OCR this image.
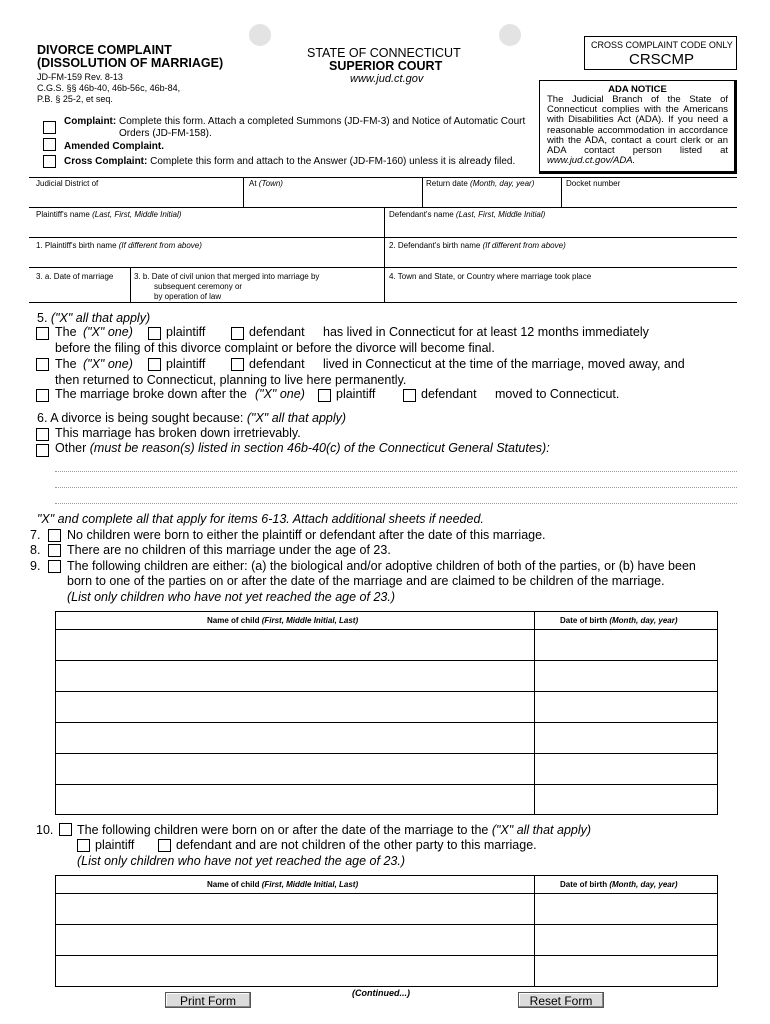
DIVORCE COMPLAINT
(DISSOLUTION OF MARRIAGE)
JD-FM-159 Rev. 8-13
C.G.S. §§ 46b-40, 46b-56c, 46b-84,
P.B. § 25-2, et seq.
STATE OF CONNECTICUT
SUPERIOR COURT
www.jud.ct.gov
CROSS COMPLAINT CODE ONLY
CRSCMP
ADA NOTICE
The Judicial Branch of the State of Connecticut complies with the Americans with Disabilities Act (ADA). If you need a reasonable accommodation in accordance with the ADA, contact a court clerk or an ADA contact person listed at www.jud.ct.gov/ADA.
Complaint: Complete this form. Attach a completed Summons (JD-FM-3) and Notice of Automatic Court
Orders (JD-FM-158).
Amended Complaint.
Cross Complaint: Complete this form and attach to the Answer (JD-FM-160) unless it is already filed.
Judicial District of	At (Town)	Return date (Month, day, year)	Docket number
Plaintiff's name (Last, First, Middle Initial)	Defendant's name (Last, First, Middle Initial)
1. Plaintiff's birth name (If different from above)	2. Defendant's birth name (If different from above)
3. a. Date of marriage	3. b. Date of civil union that merged into marriage by
subsequent ceremony or
by operation of law
4. Town and State, or Country where marriage took place
5. ("X" all that apply)
The ("X" one)	plaintiff	defendant has lived in Connecticut for at least 12 months immediately
before the filing of this divorce complaint or before the divorce will become final.
The ("X" one)	plaintiff	defendant lived in Connecticut at the time of the marriage, moved away, and
then returned to Connecticut, planning to live here permanently.
The marriage broke down after the ("X" one) plaintiff	defendant moved to Connecticut.
6. A divorce is being sought because: ("X" all that apply)
This marriage has broken down irretrievably.
Other (must be reason(s) listed in section 46b-40(c) of the Connecticut General Statutes):
"X" and complete all that apply for items 6-13. Attach additional sheets if needed.
7. No children were born to either the plaintiff or defendant after the date of this marriage.
8. There are no children of this marriage under the age of 23.
9. The following children are either: (a) the biological and/or adoptive children of both of the parties, or (b) have been
born to one of the parties on or after the date of the marriage and are claimed to be children of the marriage.
(List only children who have not yet reached the age of 23.)
Name of child (First, Middle Initial, Last)	Date of birth (Month, day, year)
10. The following children were born on or after the date of the marriage to the ("X" all that apply)
plaintiff	defendant and are not children of the other party to this marriage.
(List only children who have not yet reached the age of 23.)
Name of child (First, Middle Initial, Last)	Date of birth (Month, day, year)
Print Form
(Continued...)
Reset Form
